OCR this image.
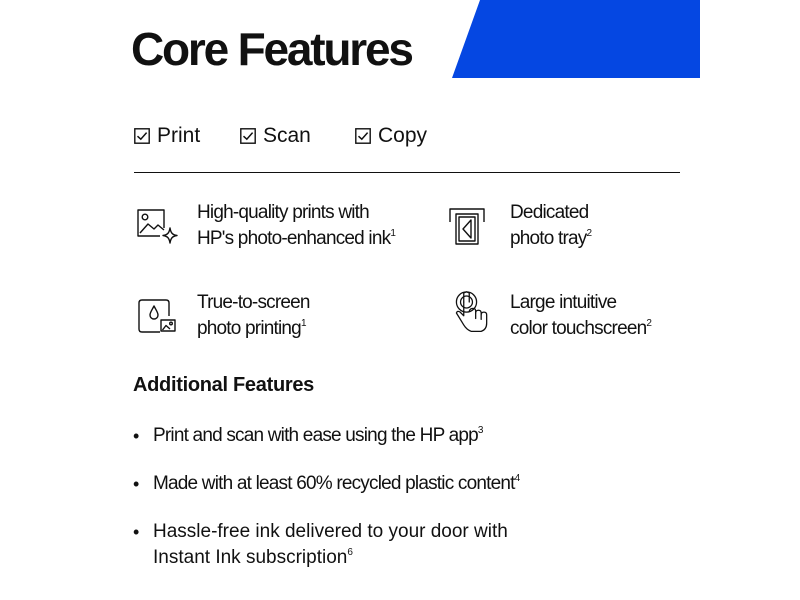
Core Features
Print	Scan	Copy
High-quality prints with
HP's photo-enhanced ink$^1$
Dedicated
photo tray$^2$
True-to-screen
photo printing$^1$
Large intuitive
color touchscreen$^2$
Additional Features
• Print and scan with ease using the HP app$^3$
• Made with at least 60% recycled plastic content$^4$
• Hassle-free ink delivered to your door with
Instant Ink subscription$^6$
